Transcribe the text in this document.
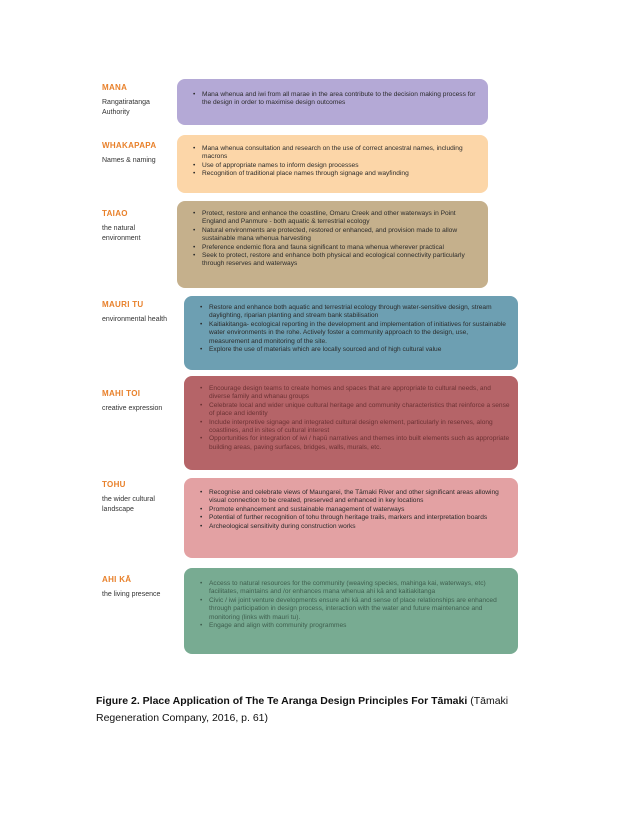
MANA
Rangatiratanga Authority
• Mana whenua and iwi from all marae in the area contribute to the decision making process for the design in order to maximise design outcomes
WHAKAPAPA
Names & naming
• Mana whenua consultation and research on the use of correct ancestral names, including macrons
• Use of appropriate names to inform design processes
• Recognition of traditional place names through signage and wayfinding
TAIAO
the natural environment
• Protect, restore and enhance the coastline, Omaru Creek and other waterways in Point England and Panmure - both aquatic & terrestrial ecology
• Natural environments are protected, restored or enhanced, and provision made to allow sustainable mana whenua harvesting
• Preference endemic flora and fauna significant to mana whenua wherever practical
• Seek to protect, restore and enhance both physical and ecological connectivity particularly through reserves and waterways
MAURI TU
environmental health
• Restore and enhance both aquatic and terrestrial ecology through water-sensitive design, stream daylighting, riparian planting and stream bank stabilisation
• Kaitiakitanga- ecological reporting in the development and implementation of initiatives for sustainable water environments in the rohe. Actively foster a community approach to the design, use, measurement and monitoring of the site.
• Explore the use of materials which are locally sourced and of high cultural value
MAHI TOI
creative expression
• Encourage design teams to create homes and spaces that are appropriate to cultural needs, and diverse family and whanau groups
• Celebrate local and wider unique cultural heritage and community characteristics that reinforce a sense of place and identity
• Include interpretive signage and integrated cultural design element, particularly in reserves, along coastlines, and in sites of cultural interest
• Opportunities for integration of iwi / hapū narratives and themes into built elements such as appropriate building areas, paving surfaces, bridges, walls, murals, etc.
TOHU
the wider cultural landscape
• Recognise and celebrate views of Maungarei, the Tāmaki River and other significant areas allowing visual connection to be created, preserved and enhanced in key locations
• Promote enhancement and sustainable management of waterways
• Potential of further recognition of tohu through heritage trails, markers and interpretation boards
• Archeological sensitivity during construction works
AHI KĀ
the living presence
• Access to natural resources for the community (weaving species, mahinga kai, waterways, etc) facilitates, maintains and /or enhances mana whenua ahi kā and kaitiakitanga
• Civic / iwi joint venture developments ensure ahi kā and sense of place relationships are enhanced through participation in design process, interaction with the water and future maintenance and monitoring (links with mauri tu).
• Engage and align with community programmes
Figure 2. Place Application of The Te Aranga Design Principles For Tāmaki (Tāmaki Regeneration Company, 2016, p. 61)
